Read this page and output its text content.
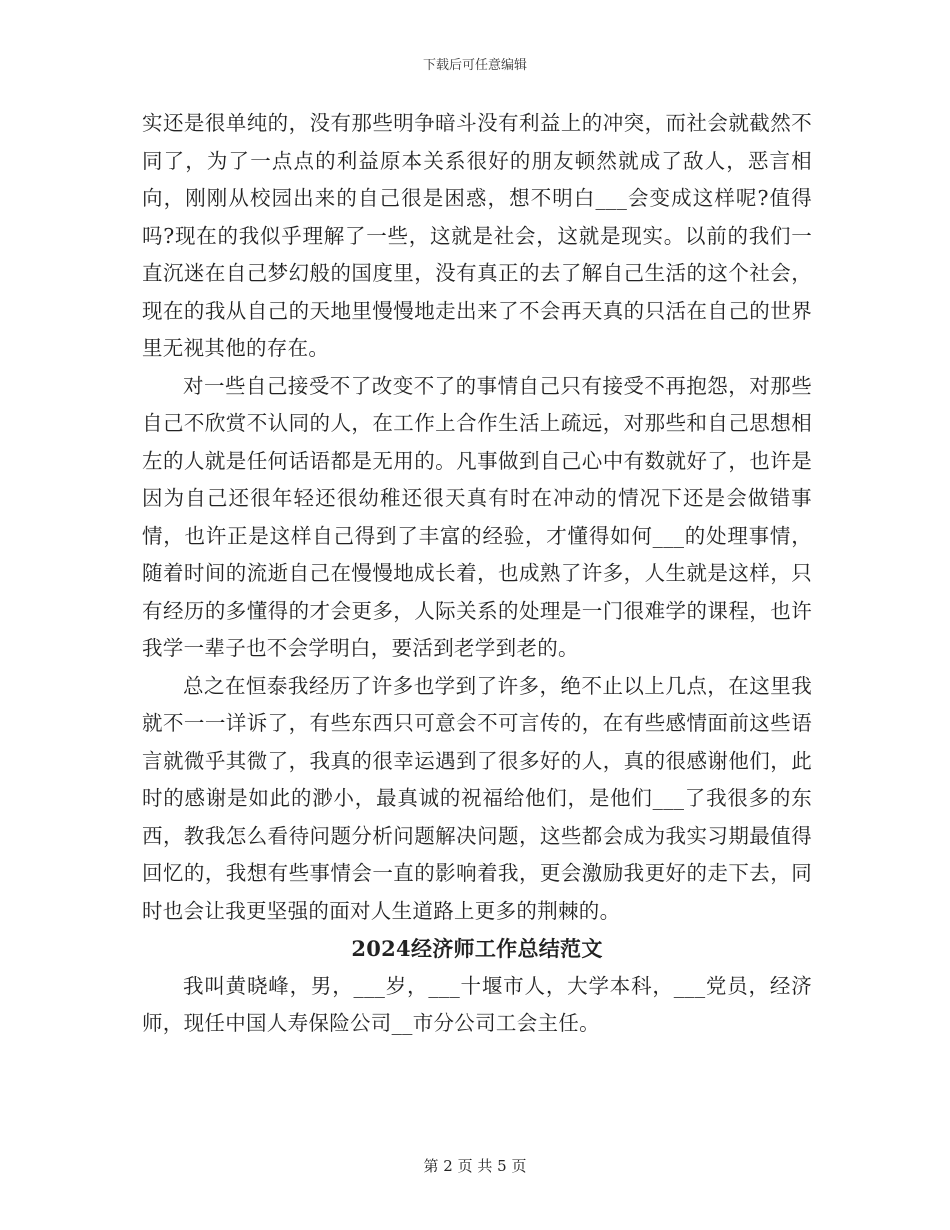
下载后可任意编辑

实还是很单纯的，没有那些明争暗斗没有利益上的冲突，而社会就截然不同了，为了一点点的利益原本关系很好的朋友顿然就成了敌人，恶言相向，刚刚从校园出来的自己很是困惑，想不明白___会变成这样呢?值得吗?现在的我似乎理解了一些，这就是社会，这就是现实。以前的我们一直沉迷在自己梦幻般的国度里，没有真正的去了解自己生活的这个社会，现在的我从自己的天地里慢慢地走出来了不会再天真的只活在自己的世界里无视其他的存在。

对一些自己接受不了改变不了的事情自己只有接受不再抱怨，对那些自己不欣赏不认同的人，在工作上合作生活上疏远，对那些和自己思想相左的人就是任何话语都是无用的。凡事做到自己心中有数就好了，也许是因为自己还很年轻还很幼稚还很天真有时在冲动的情况下还是会做错事情，也许正是这样自己得到了丰富的经验，才懂得如何___的处理事情，随着时间的流逝自己在慢慢地成长着，也成熟了许多，人生就是这样，只有经历的多懂得的才会更多，人际关系的处理是一门很难学的课程，也许我学一辈子也不会学明白，要活到老学到老的。

总之在恒泰我经历了许多也学到了许多，绝不止以上几点，在这里我就不一一详诉了，有些东西只可意会不可言传的，在有些感情面前这些语言就微乎其微了，我真的很幸运遇到了很多好的人，真的很感谢他们，此时的感谢是如此的渺小，最真诚的祝福给他们，是他们___了我很多的东西，教我怎么看待问题分析问题解决问题，这些都会成为我实习期最值得回忆的，我想有些事情会一直的影响着我，更会激励我更好的走下去，同时也会让我更坚强的面对人生道路上更多的荆棘的。

2024经济师工作总结范文

我叫黄晓峰，男，___岁，___十堰市人，大学本科，___党员，经济师，现任中国人寿保险公司__市分公司工会主任。

第 2 页 共 5 页
